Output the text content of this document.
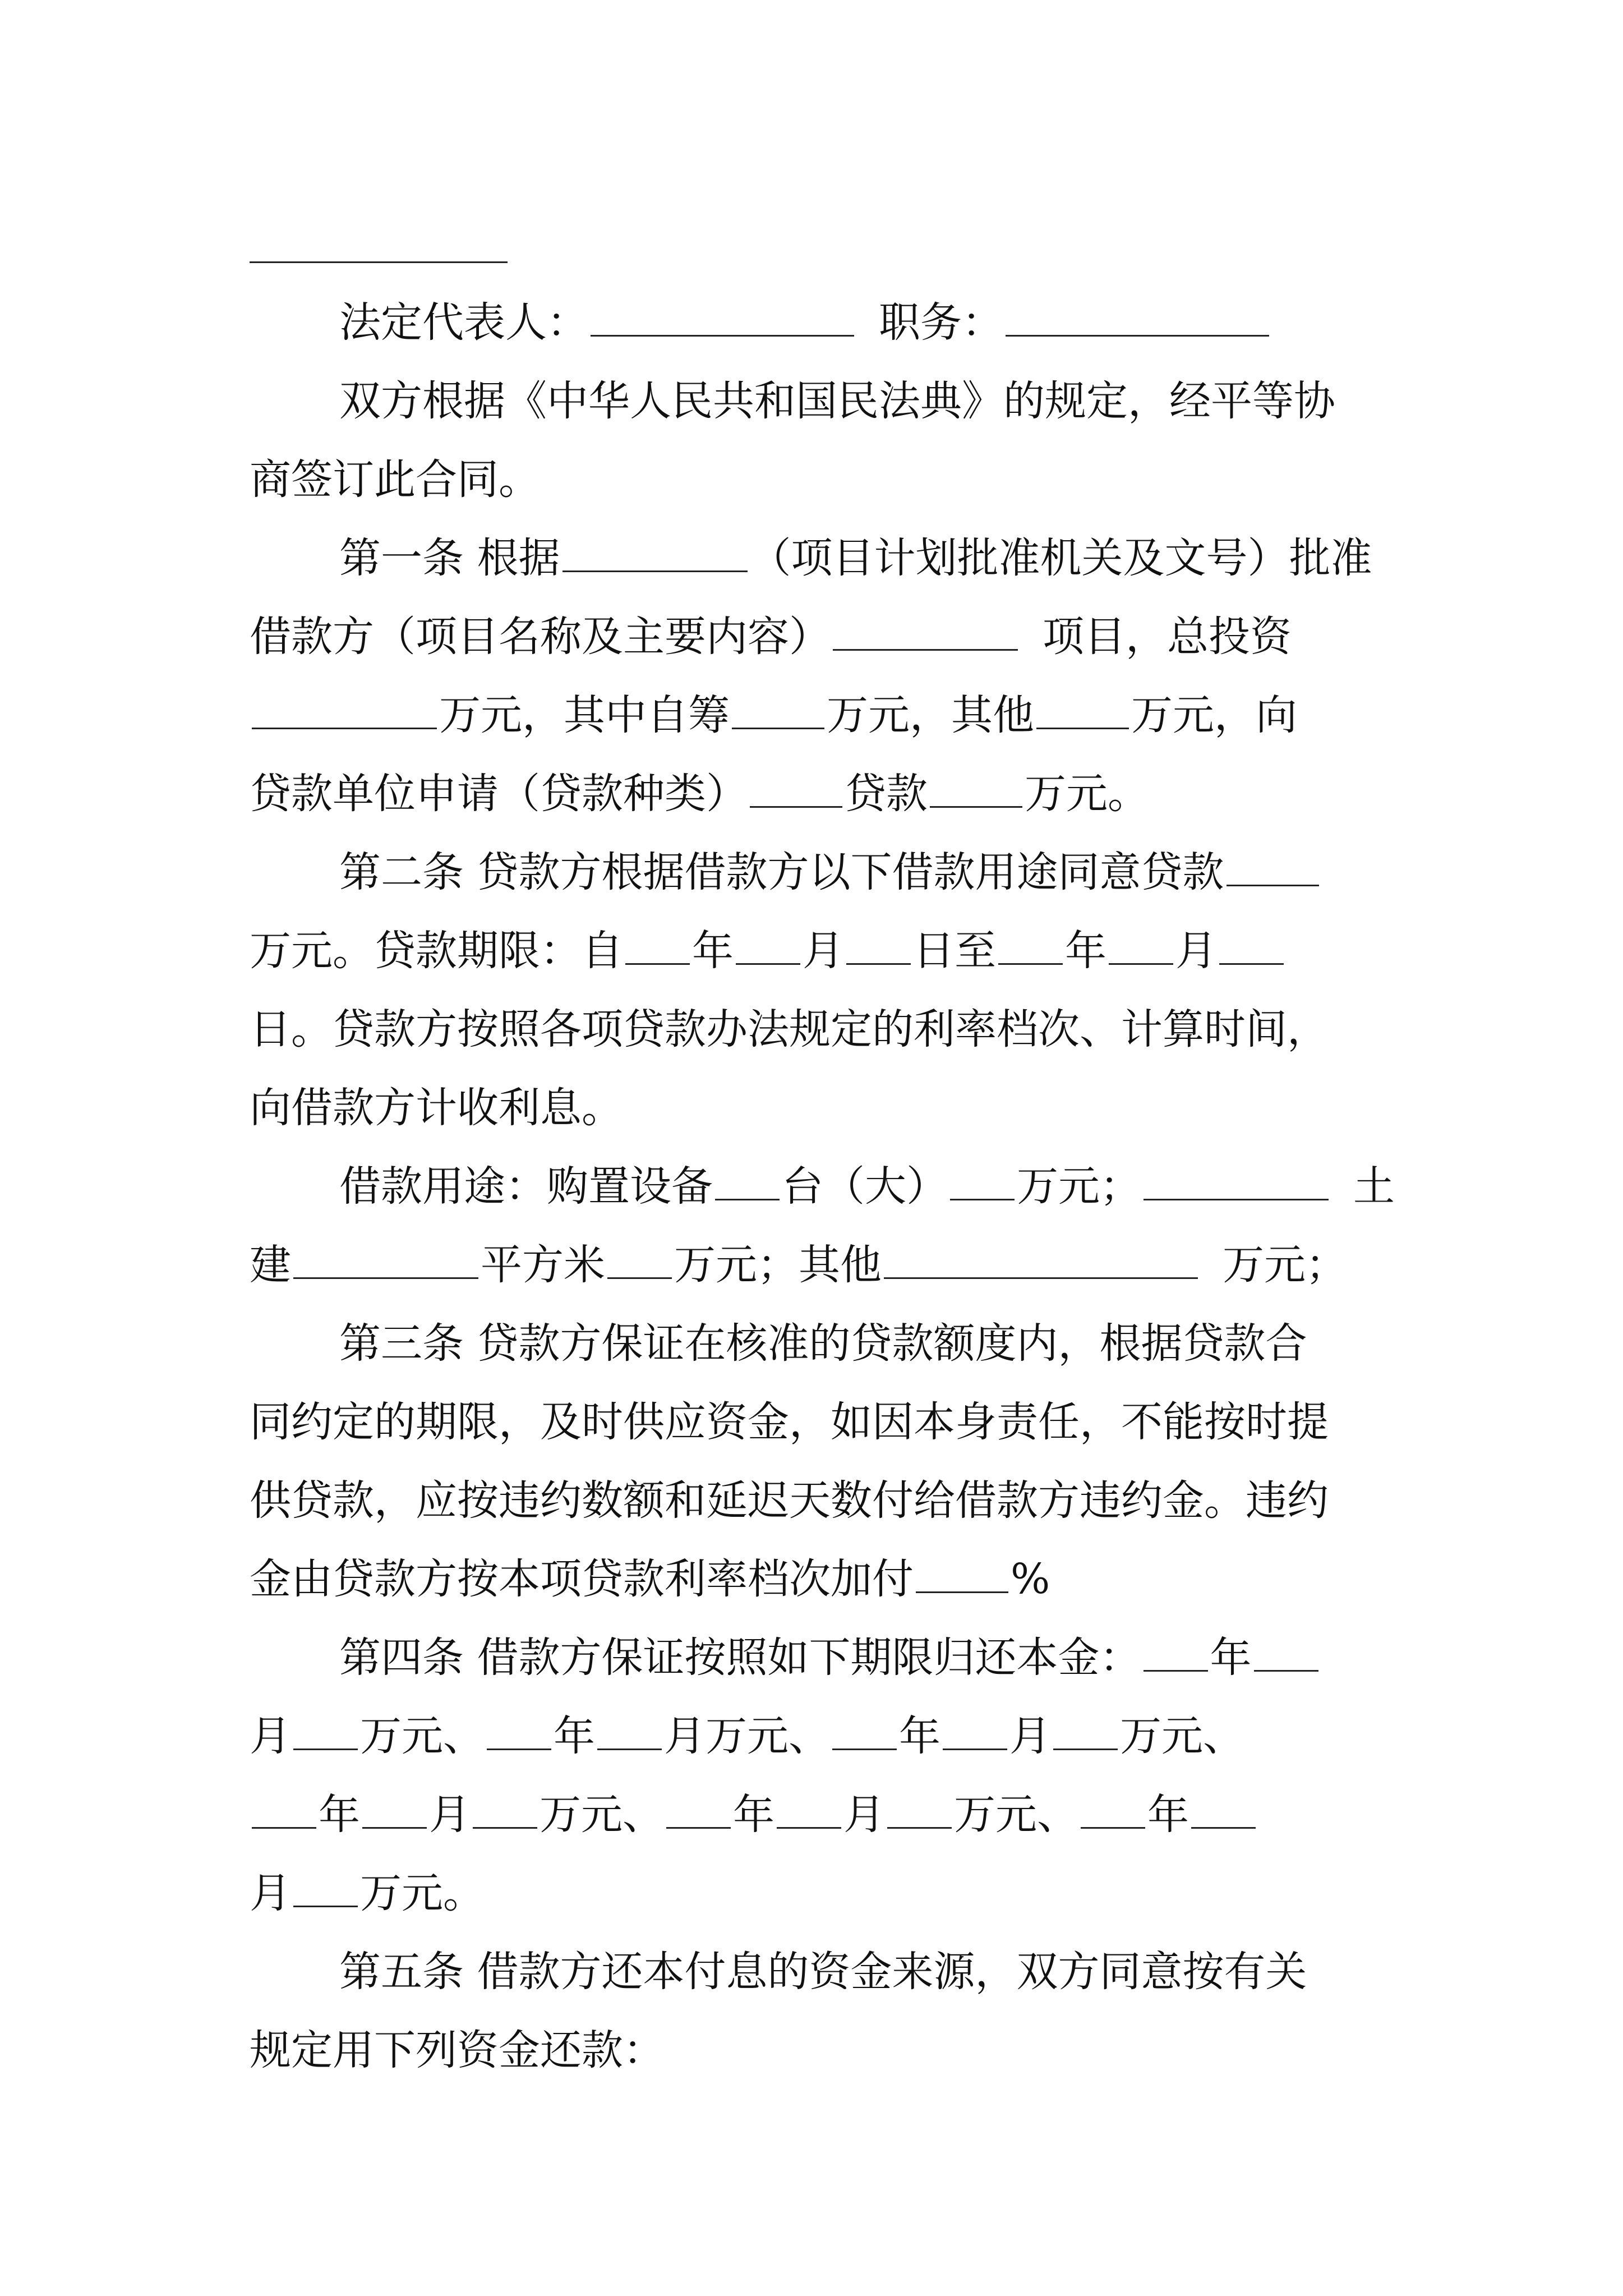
法定代表人：	职务：
双方根据《中华人民共和国民法典》的规定，经平等协
商签订此合同。
第一条 根据	（项目计划批准机关及文号）批准
借款方（项目名称及主要内容）	项目，总投资
万元，其中自筹 万元，其他 万元，向
贷款单位申请（贷款种类） 贷款 万元。
第二条 贷款方根据借款方以下借款用途同意贷款
万元。贷款期限：自 年 月 日至 年 月
日。贷款方按照各项贷款办法规定的利率档次、计算时间，
向借款方计收利息。
借款用途：购置设备 台（大） 万元；	土
建	平方米 万元；其他	万元；
第三条 贷款方保证在核准的贷款额度内，根据贷款合
同约定的期限，及时供应资金，如因本身责任，不能按时提
供贷款，应按违约数额和延迟天数付给借款方违约金。违约
金由贷款方按本项贷款利率档次加付 %
第四条 借款方保证按照如下期限归还本金： 年
月 万元、 年 月万元、 年 月 万元、
年 月 万元、 年 月 万元、 年
月 万元。
第五条 借款方还本付息的资金来源，双方同意按有关
规定用下列资金还款：
